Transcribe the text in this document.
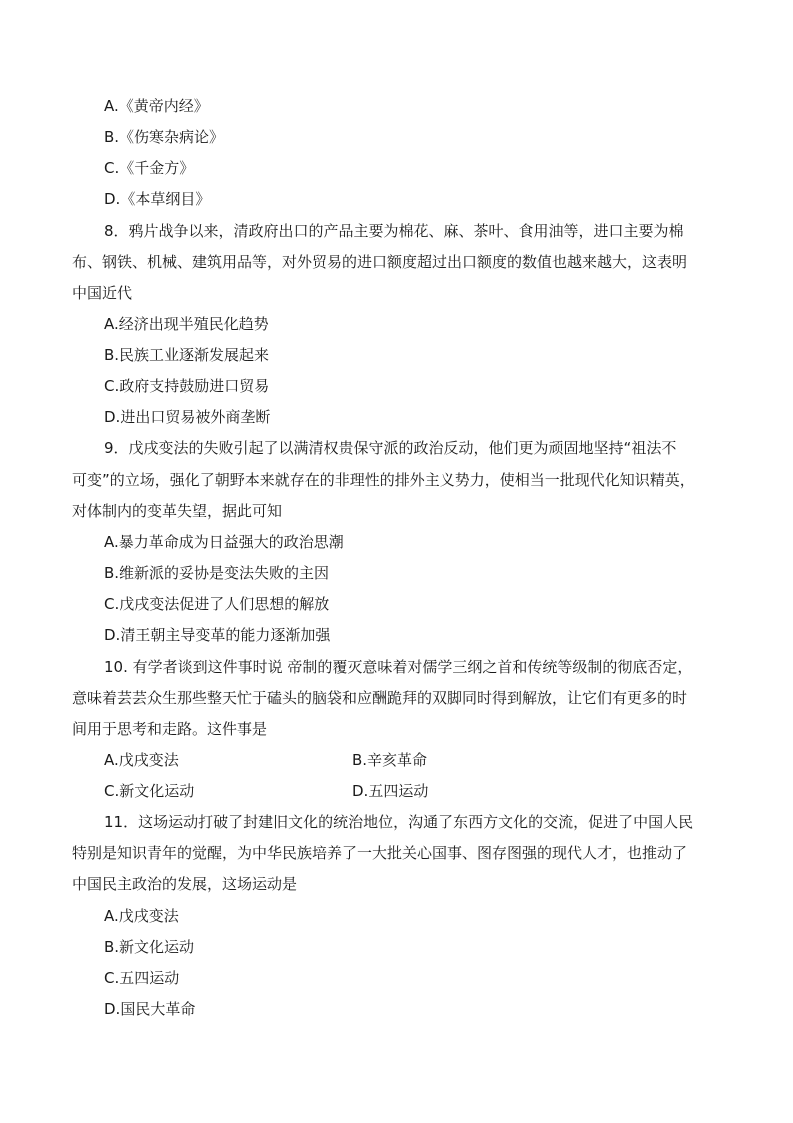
A.《黄帝内经》
B.《伤寒杂病论》
C.《千金方》
D.《本草纲目》
8．鸦片战争以来，清政府出口的产品主要为棉花、麻、茶叶、食用油等，进口主要为棉
布、钢铁、机械、建筑用品等，对外贸易的进口额度超过出口额度的数值也越来越大，这表明
中国近代
A.经济出现半殖民化趋势
B.民族工业逐渐发展起来
C.政府支持鼓励进口贸易
D.进出口贸易被外商垄断
9．戊戌变法的失败引起了以满清权贵保守派的政治反动，他们更为顽固地坚持“祖法不
可变”的立场，强化了朝野本来就存在的非理性的排外主义势力，使相当一批现代化知识精英，
对体制内的变革失望，据此可知
A.暴力革命成为日益强大的政治思潮
B.维新派的妥协是变法失败的主因
C.戊戌变法促进了人们思想的解放
D.清王朝主导变革的能力逐渐加强
10. 有学者谈到这件事时说 帝制的覆灭意味着对儒学三纲之首和传统等级制的彻底否定，
意味着芸芸众生那些整天忙于磕头的脑袋和应酬跪拜的双脚同时得到解放，让它们有更多的时
间用于思考和走路。这件事是
A.戊戌变法	B.辛亥革命
C.新文化运动	D.五四运动
11．这场运动打破了封建旧文化的统治地位，沟通了东西方文化的交流，促进了中国人民
特别是知识青年的觉醒，为中华民族培养了一大批关心国事、图存图强的现代人才，也推动了
中国民主政治的发展，这场运动是
A.戊戌变法
B.新文化运动
C.五四运动
D.国民大革命
